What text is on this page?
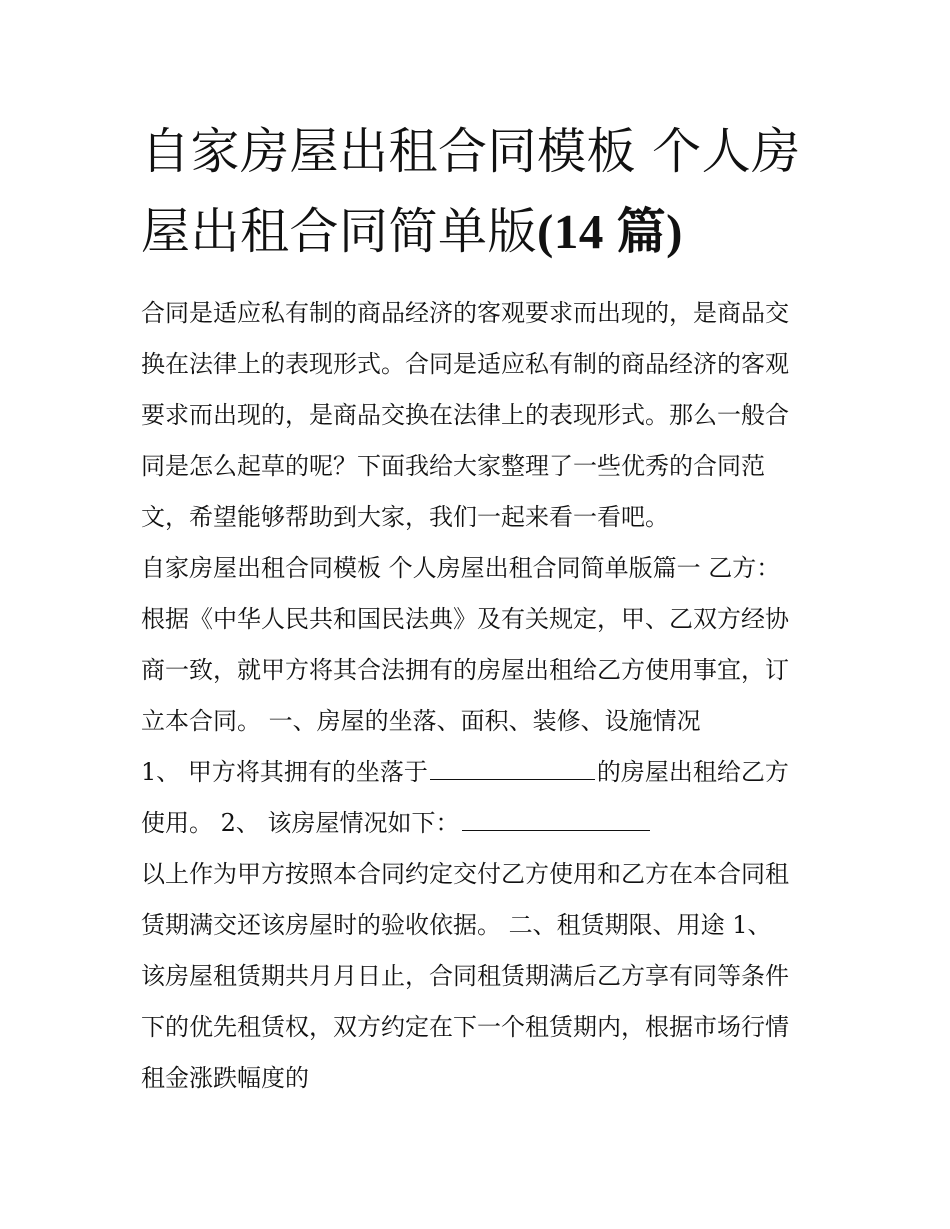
自家房屋出租合同模板 个人房
屋出租合同简单版(14 篇)

合同是适应私有制的商品经济的客观要求而出现的，是商品交

换在法律上的表现形式。合同是适应私有制的商品经济的客观

要求而出现的，是商品交换在法律上的表现形式。那么一般合

同是怎么起草的呢？下面我给大家整理了一些优秀的合同范

文，希望能够帮助到大家，我们一起来看一看吧。

自家房屋出租合同模板 个人房屋出租合同简单版篇一 乙方：

根据《中华人民共和国民法典》及有关规定，甲、乙双方经协

商一致，就甲方将其合法拥有的房屋出租给乙方使用事宜，订

立本合同。 一、房屋的坐落、面积、装修、设施情况

1、 甲方将其拥有的坐落于	的房屋出租给乙方

使用。 2、 该房屋情况如下：

以上作为甲方按照本合同约定交付乙方使用和乙方在本合同租

赁期满交还该房屋时的验收依据。 二、租赁期限、用途 1、

该房屋租赁期共月月日止，合同租赁期满后乙方享有同等条件

下的优先租赁权，双方约定在下一个租赁期内，根据市场行情

租金涨跌幅度的
